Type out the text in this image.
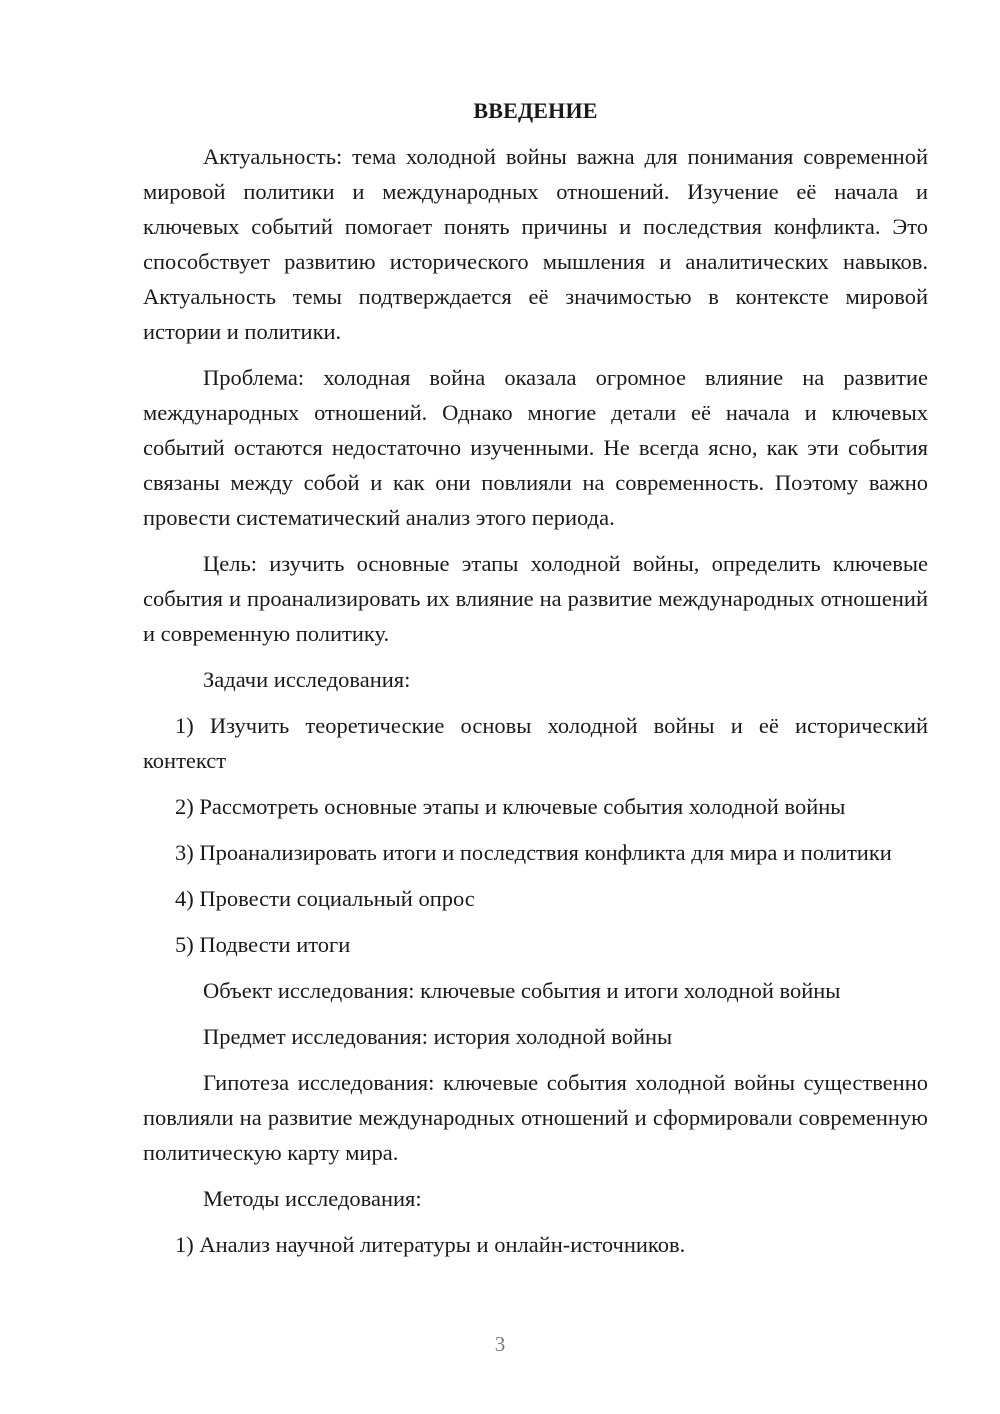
ВВЕДЕНИЕ

Актуальность: тема холодной войны важна для понимания современной мировой политики и международных отношений. Изучение её начала и ключевых событий помогает понять причины и последствия конфликта. Это способствует развитию исторического мышления и аналитических навыков. Актуальность темы подтверждается её значимостью в контексте мировой истории и политики.

Проблема: холодная война оказала огромное влияние на развитие международных отношений. Однако многие детали её начала и ключевых событий остаются недостаточно изученными. Не всегда ясно, как эти события связаны между собой и как они повлияли на современность. Поэтому важно провести систематический анализ этого периода.

Цель: изучить основные этапы холодной войны, определить ключевые события и проанализировать их влияние на развитие международных отношений и современную политику.

Задачи исследования:

1) Изучить теоретические основы холодной войны и её исторический контекст

2) Рассмотреть основные этапы и ключевые события холодной войны

3) Проанализировать итоги и последствия конфликта для мира и политики

4) Провести социальный опрос

5) Подвести итоги

Объект исследования: ключевые события и итоги холодной войны

Предмет исследования: история холодной войны

Гипотеза исследования: ключевые события холодной войны существенно повлияли на развитие международных отношений и сформировали современную политическую карту мира.

Методы исследования:

1) Анализ научной литературы и онлайн-источников.

3
